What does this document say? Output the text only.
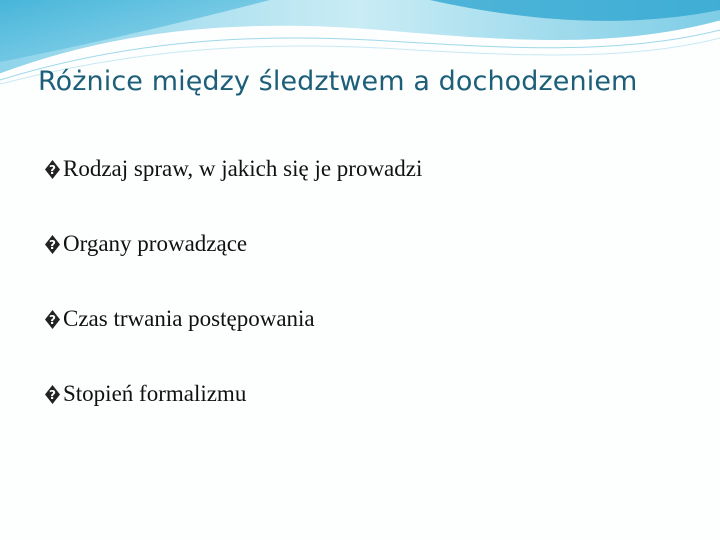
Różnice między śledztwem a dochodzeniem
? Rodzaj spraw, w jakich się je prowadzi
? Organy prowadzące
? Czas trwania postępowania
? Stopień formalizmu
